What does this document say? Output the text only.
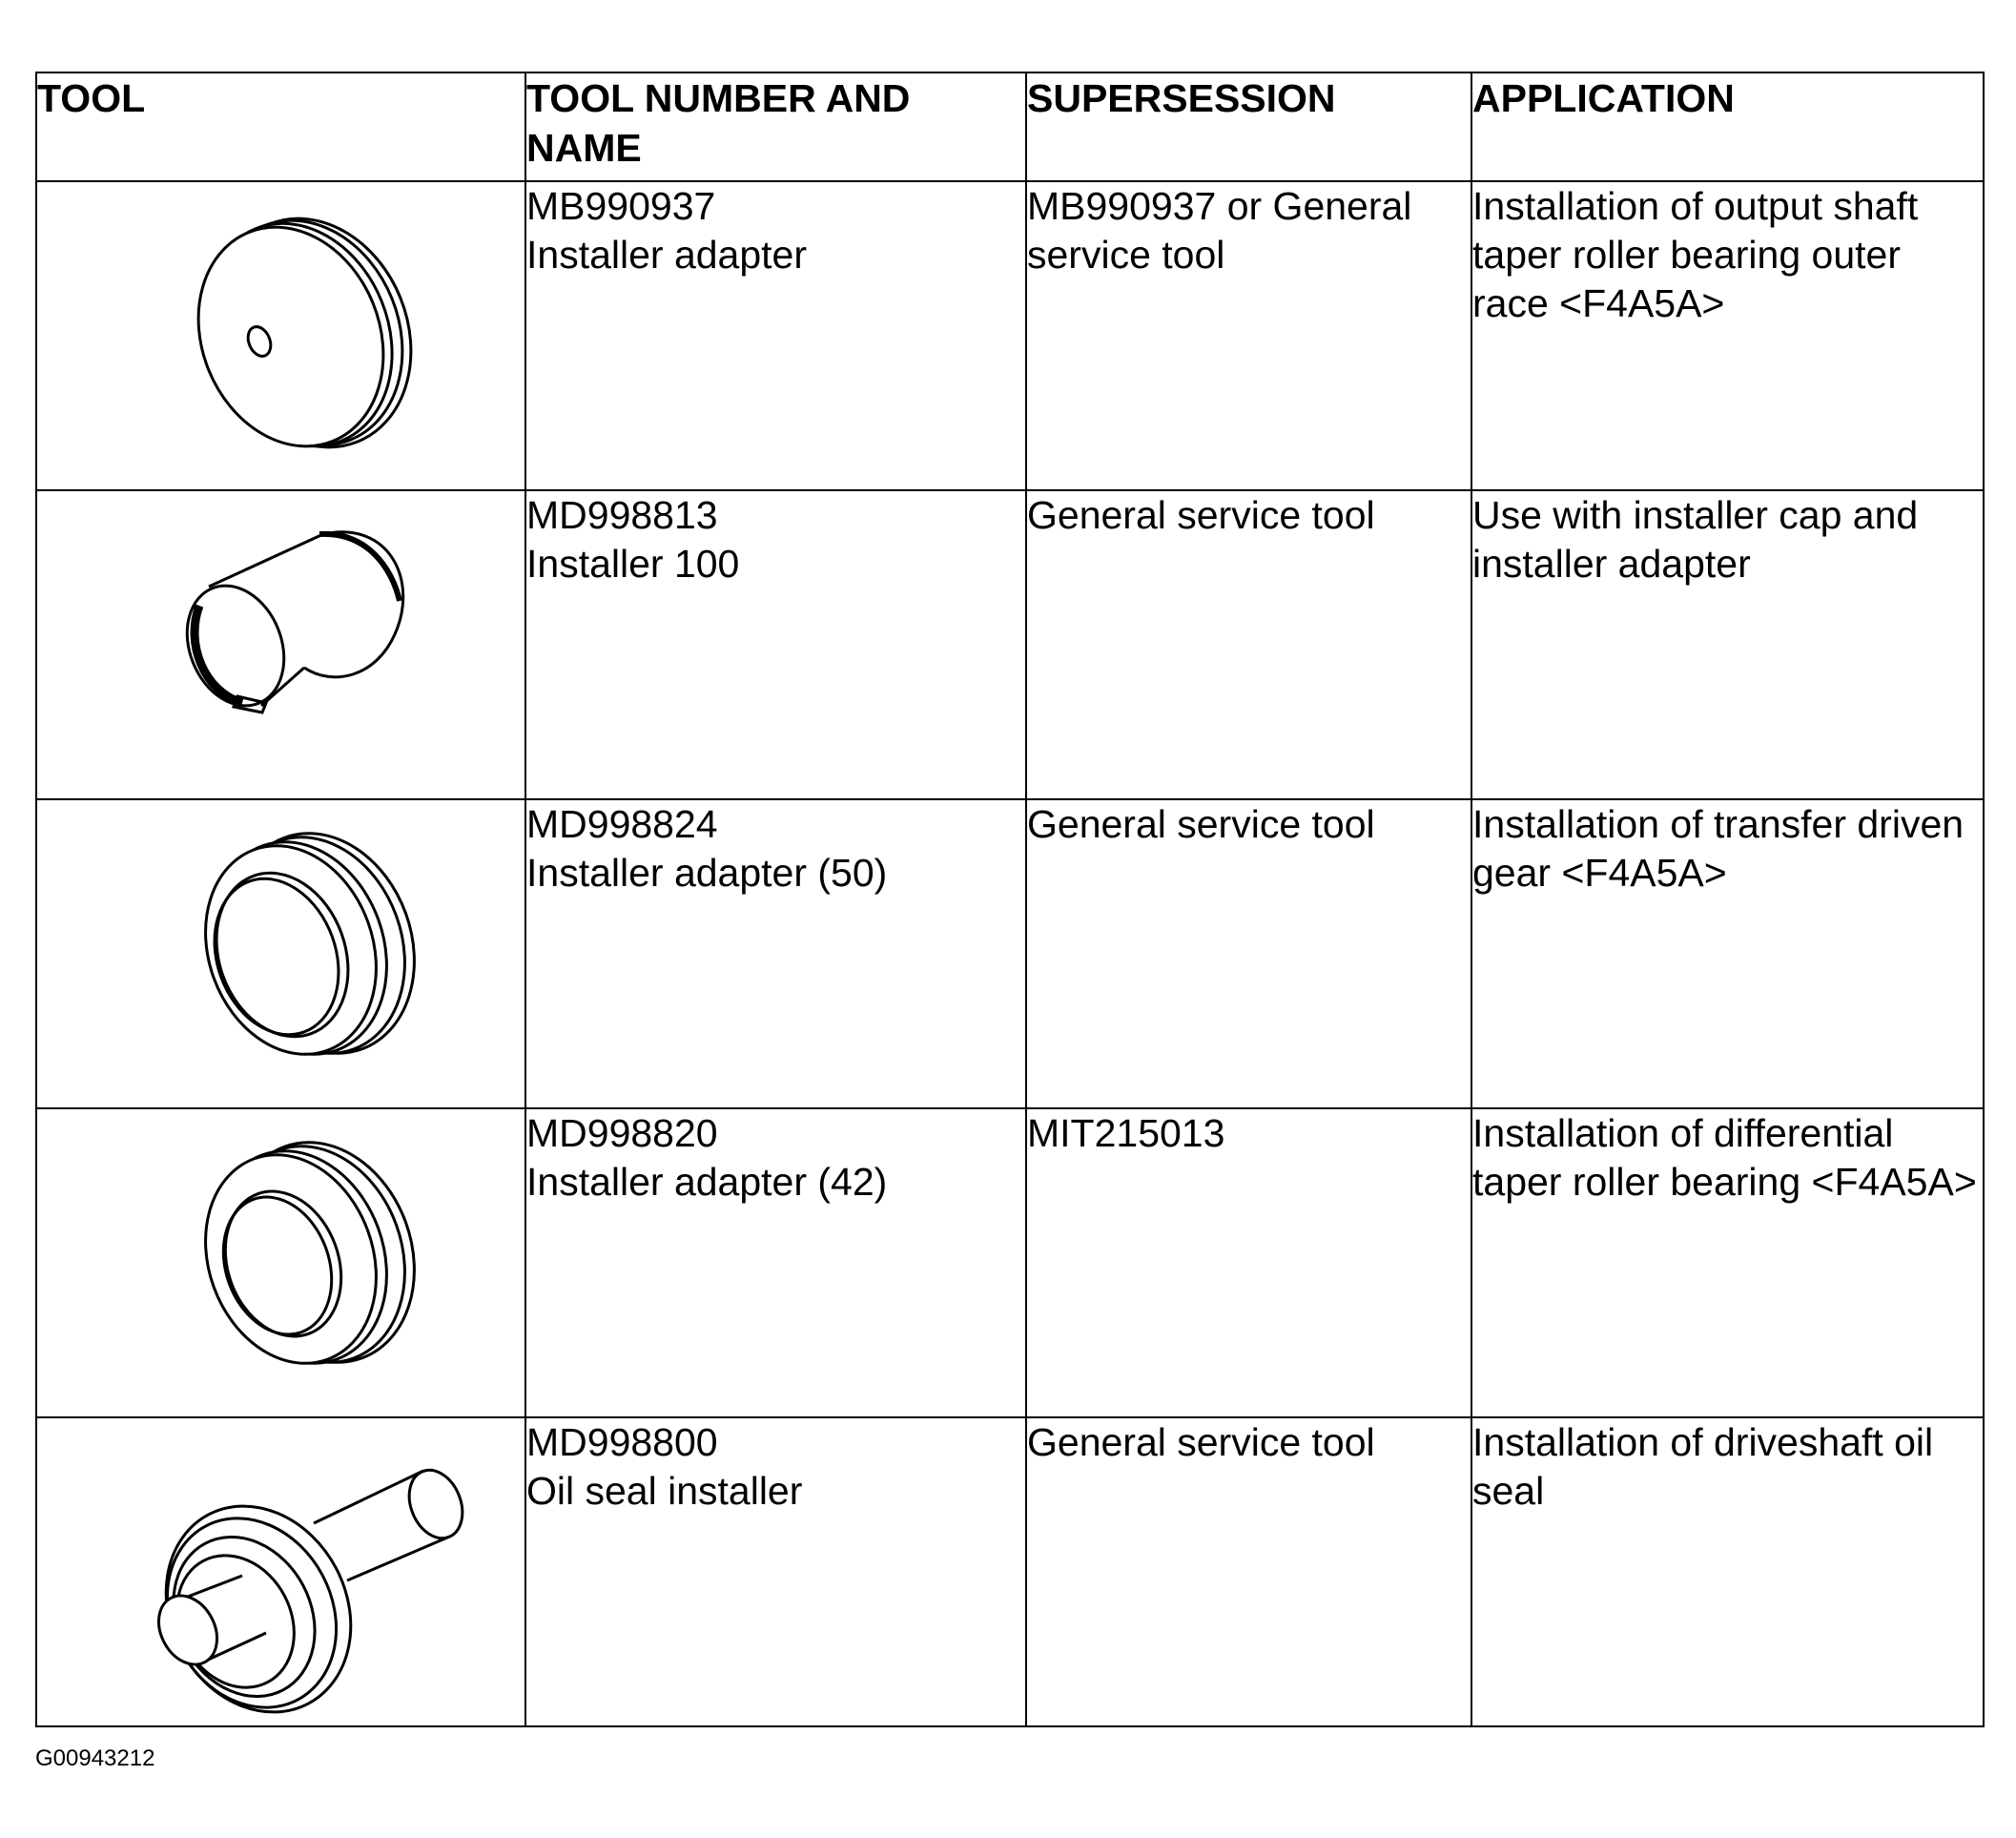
TOOL	TOOL NUMBER AND NAME	SUPERSESSION	APPLICATION

MB990937
Installer adapter	MB990937 or General service tool	Installation of output shaft taper roller bearing outer race <F4A5A>

MD998813
Installer 100	General service tool	Use with installer cap and installer adapter

MD998824
Installer adapter (50)	General service tool	Installation of transfer driven gear <F4A5A>

MD998820
Installer adapter (42)	MIT215013	Installation of differential taper roller bearing <F4A5A>

MD998800
Oil seal installer	General service tool	Installation of driveshaft oil seal
G00943212
